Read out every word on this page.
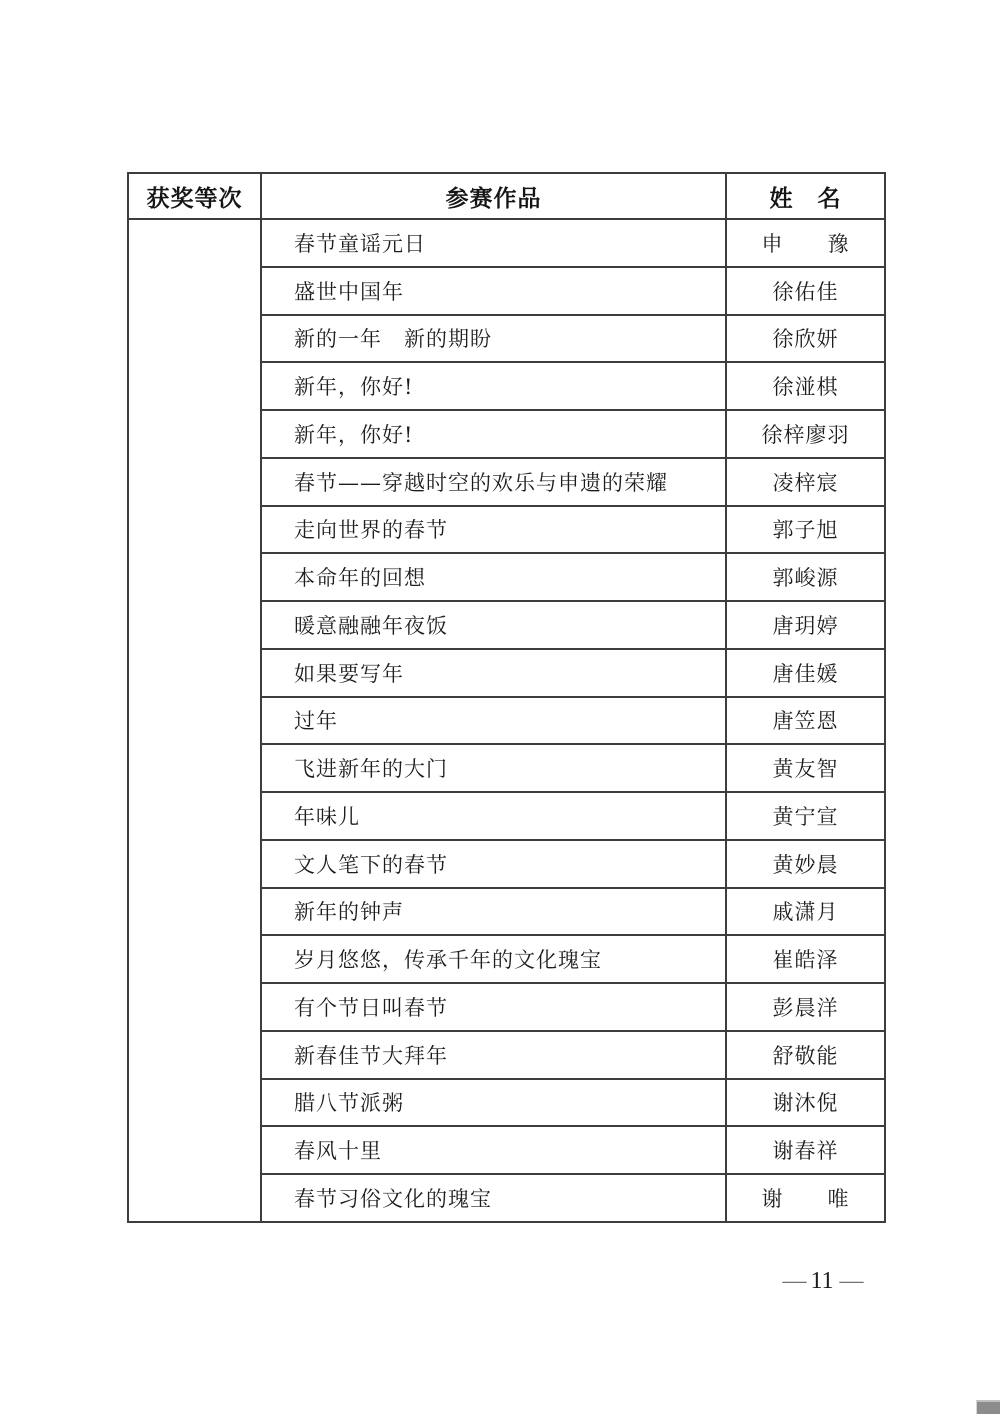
获奖等次	参赛作品	姓　名
	春节童谣元日	申　　豫
	盛世中国年	徐佑佳
	新的一年　新的期盼	徐欣妍
	新年，你好!	徐湴棋
	新年，你好!	徐梓廖羽
	春节——穿越时空的欢乐与申遗的荣耀	凌梓宸
	走向世界的春节	郭子旭
	本命年的回想	郭峻源
	暖意融融年夜饭	唐玥婷
	如果要写年	唐佳媛
	过年	唐笠恩
	飞进新年的大门	黄友智
	年味儿	黄宁宣
	文人笔下的春节	黄妙晨
	新年的钟声	戚潇月
	岁月悠悠，传承千年的文化瑰宝	崔皓泽
	有个节日叫春节	彭晨洋
	新春佳节大拜年	舒敬能
	腊八节派粥	谢沐倪
	春风十里	谢春祥
	春节习俗文化的瑰宝	谢　　唯
— 11 —
